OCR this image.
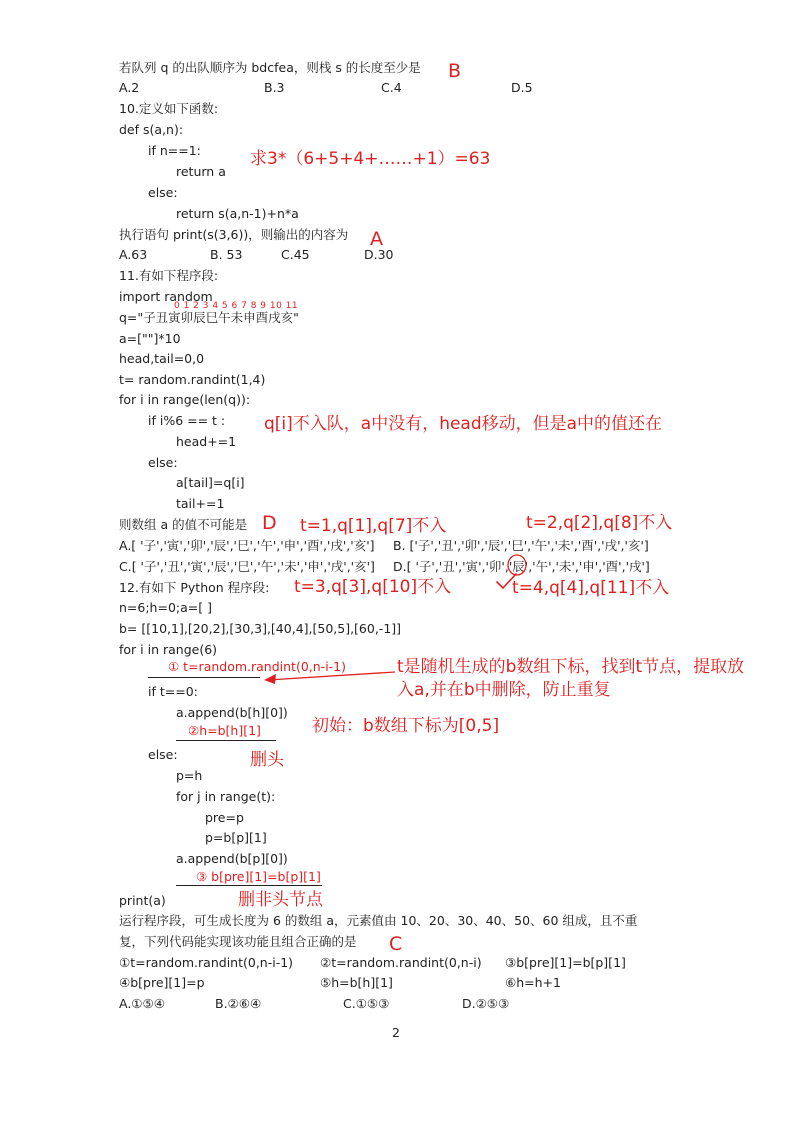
若队列 q 的出队顺序为 bdcfea，则栈 s 的长度至少是 B
A.2	B.3	C.4	D.5
10.定义如下函数:
def s(a,n):
if n==1:
return a
else:
return s(a,n-1)+n*a
求3*（6+5+4+……+1）=63
执行语句 print(s(3,6))，则输出的内容为 A
A.63	B. 53	C.45	D.30
11.有如下程序段:
import random
0 1 2 3 4 5 6 7 8 9 10 11
q="子丑寅卯辰巳午未申酉戌亥"
a=[""]*10
head,tail=0,0
t= random.randint(1,4)
for i in range(len(q)):
if i%6 == t :
head+=1
else:
a[tail]=q[i]
tail+=1
q[i]不入队，a中没有，head移动，但是a中的值还在
则数组 a 的值不可能是 D t=1,q[1],q[7]不入	t=2,q[2],q[8]不入
A.[ '子','寅','卯','辰','巳','午','申','酉','戌','亥'] B. ['子','丑','卯','辰','巳','午','未','酉','戌','亥']
C.[ '子','丑','寅','辰','巳','午','未','申','戌','亥'] D.[ '子','丑','寅','卯','辰','午','未','申','酉','戌']
12.有如下 Python 程序段: t=3,q[3],q[10]不入	t=4,q[4],q[11]不入
n=6;h=0;a=[ ]
b= [[10,1],[20,2],[30,3],[40,4],[50,5],[60,-1]]
for i in range(6)
① t=random.randint(0,n-i-1)	t是随机生成的b数组下标，找到t节点，提取放
入a,并在b中删除，防止重复
if t==0:
a.append(b[h][0])
②h=b[h][1]	初始：b数组下标为[0,5]
else:	删头
p=h
for j in range(t):
pre=p
p=b[p][1]
a.append(b[p][0])
③ b[pre][1]=b[p][1]
print(a)	删非头节点
运行程序段，可生成长度为 6 的数组 a，元素值由 10、20、30、40、50、60 组成，且不重
复，下列代码能实现该功能且组合正确的是 C
①t=random.randint(0,n-i-1) ②t=random.randint(0,n-i) ③b[pre][1]=b[p][1]
④b[pre][1]=p	⑤h=b[h][1]	⑥h=h+1
A.①⑤④	B.②⑥④	C.①⑤③	D.②⑤③
2
